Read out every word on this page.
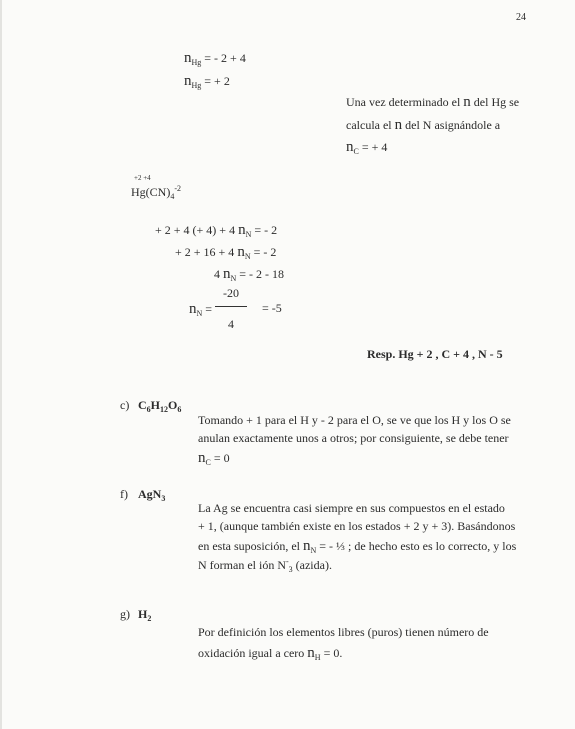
24
$n_{Hg}$ = - 2 + 4
$n_{Hg}$ = + 2
Una vez determinado el n del Hg se
calcula el n del N asignándole a
$n_C$ = + 4
+2 +4
$Hg(CN)_4^{-2}$
+ 2 + 4 (+ 4) + 4 $n_N$ = - 2
+ 2 + 16 + 4 $n_N$ = - 2
4 $n_N$ = - 2 - 18
-20
$n_N$ =	= -5
4
Resp. Hg + 2 , C + 4 , N - 5
c) $C_6H_{12}O_6$
Tomando + 1 para el H y - 2 para el O, se ve que los H y los O se
anulan exactamente unos a otros; por consiguiente, se debe tener
$n_C = 0$
f) AgN$_3$
La Ag se encuentra casi siempre en sus compuestos en el estado
+ 1, (aunque también existe en los estados + 2 y + 3). Basándonos
en esta suposición, el $n_N$ = - ⅓ ; de hecho esto es lo correcto, y los
N forman el ión $N^-_3$ (azida).
g) $H_2$
Por definición los elementos libres (puros) tienen número de
oxidación igual a cero $n_H = 0$.
